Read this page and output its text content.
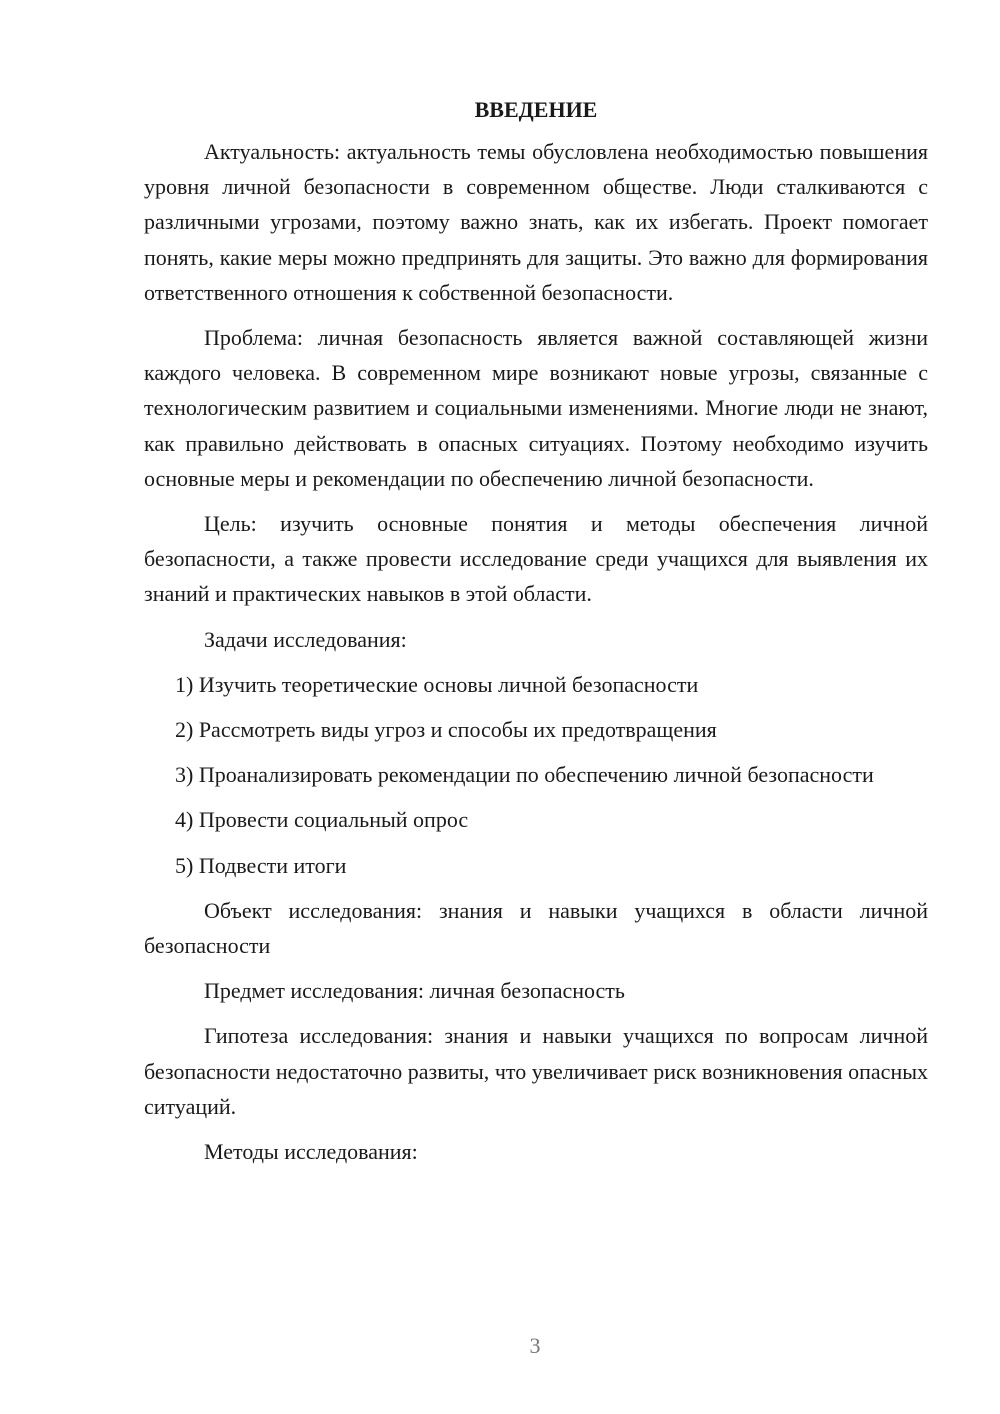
ВВЕДЕНИЕ

Актуальность: актуальность темы обусловлена необходимостью повышения уровня личной безопасности в современном обществе. Люди сталкиваются с различными угрозами, поэтому важно знать, как их избегать. Проект помогает понять, какие меры можно предпринять для защиты. Это важно для формирования ответственного отношения к собственной безопасности.

Проблема: личная безопасность является важной составляющей жизни каждого человека. В современном мире возникают новые угрозы, связанные с технологическим развитием и социальными изменениями. Многие люди не знают, как правильно действовать в опасных ситуациях. Поэтому необходимо изучить основные меры и рекомендации по обеспечению личной безопасности.

Цель: изучить основные понятия и методы обеспечения личной безопасности, а также провести исследование среди учащихся для выявления их знаний и практических навыков в этой области.

Задачи исследования:

1) Изучить теоретические основы личной безопасности

2) Рассмотреть виды угроз и способы их предотвращения

3) Проанализировать рекомендации по обеспечению личной безопасности

4) Провести социальный опрос

5) Подвести итоги

Объект исследования: знания и навыки учащихся в области личной безопасности

Предмет исследования: личная безопасность

Гипотеза исследования: знания и навыки учащихся по вопросам личной безопасности недостаточно развиты, что увеличивает риск возникновения опасных ситуаций.

Методы исследования:

3
